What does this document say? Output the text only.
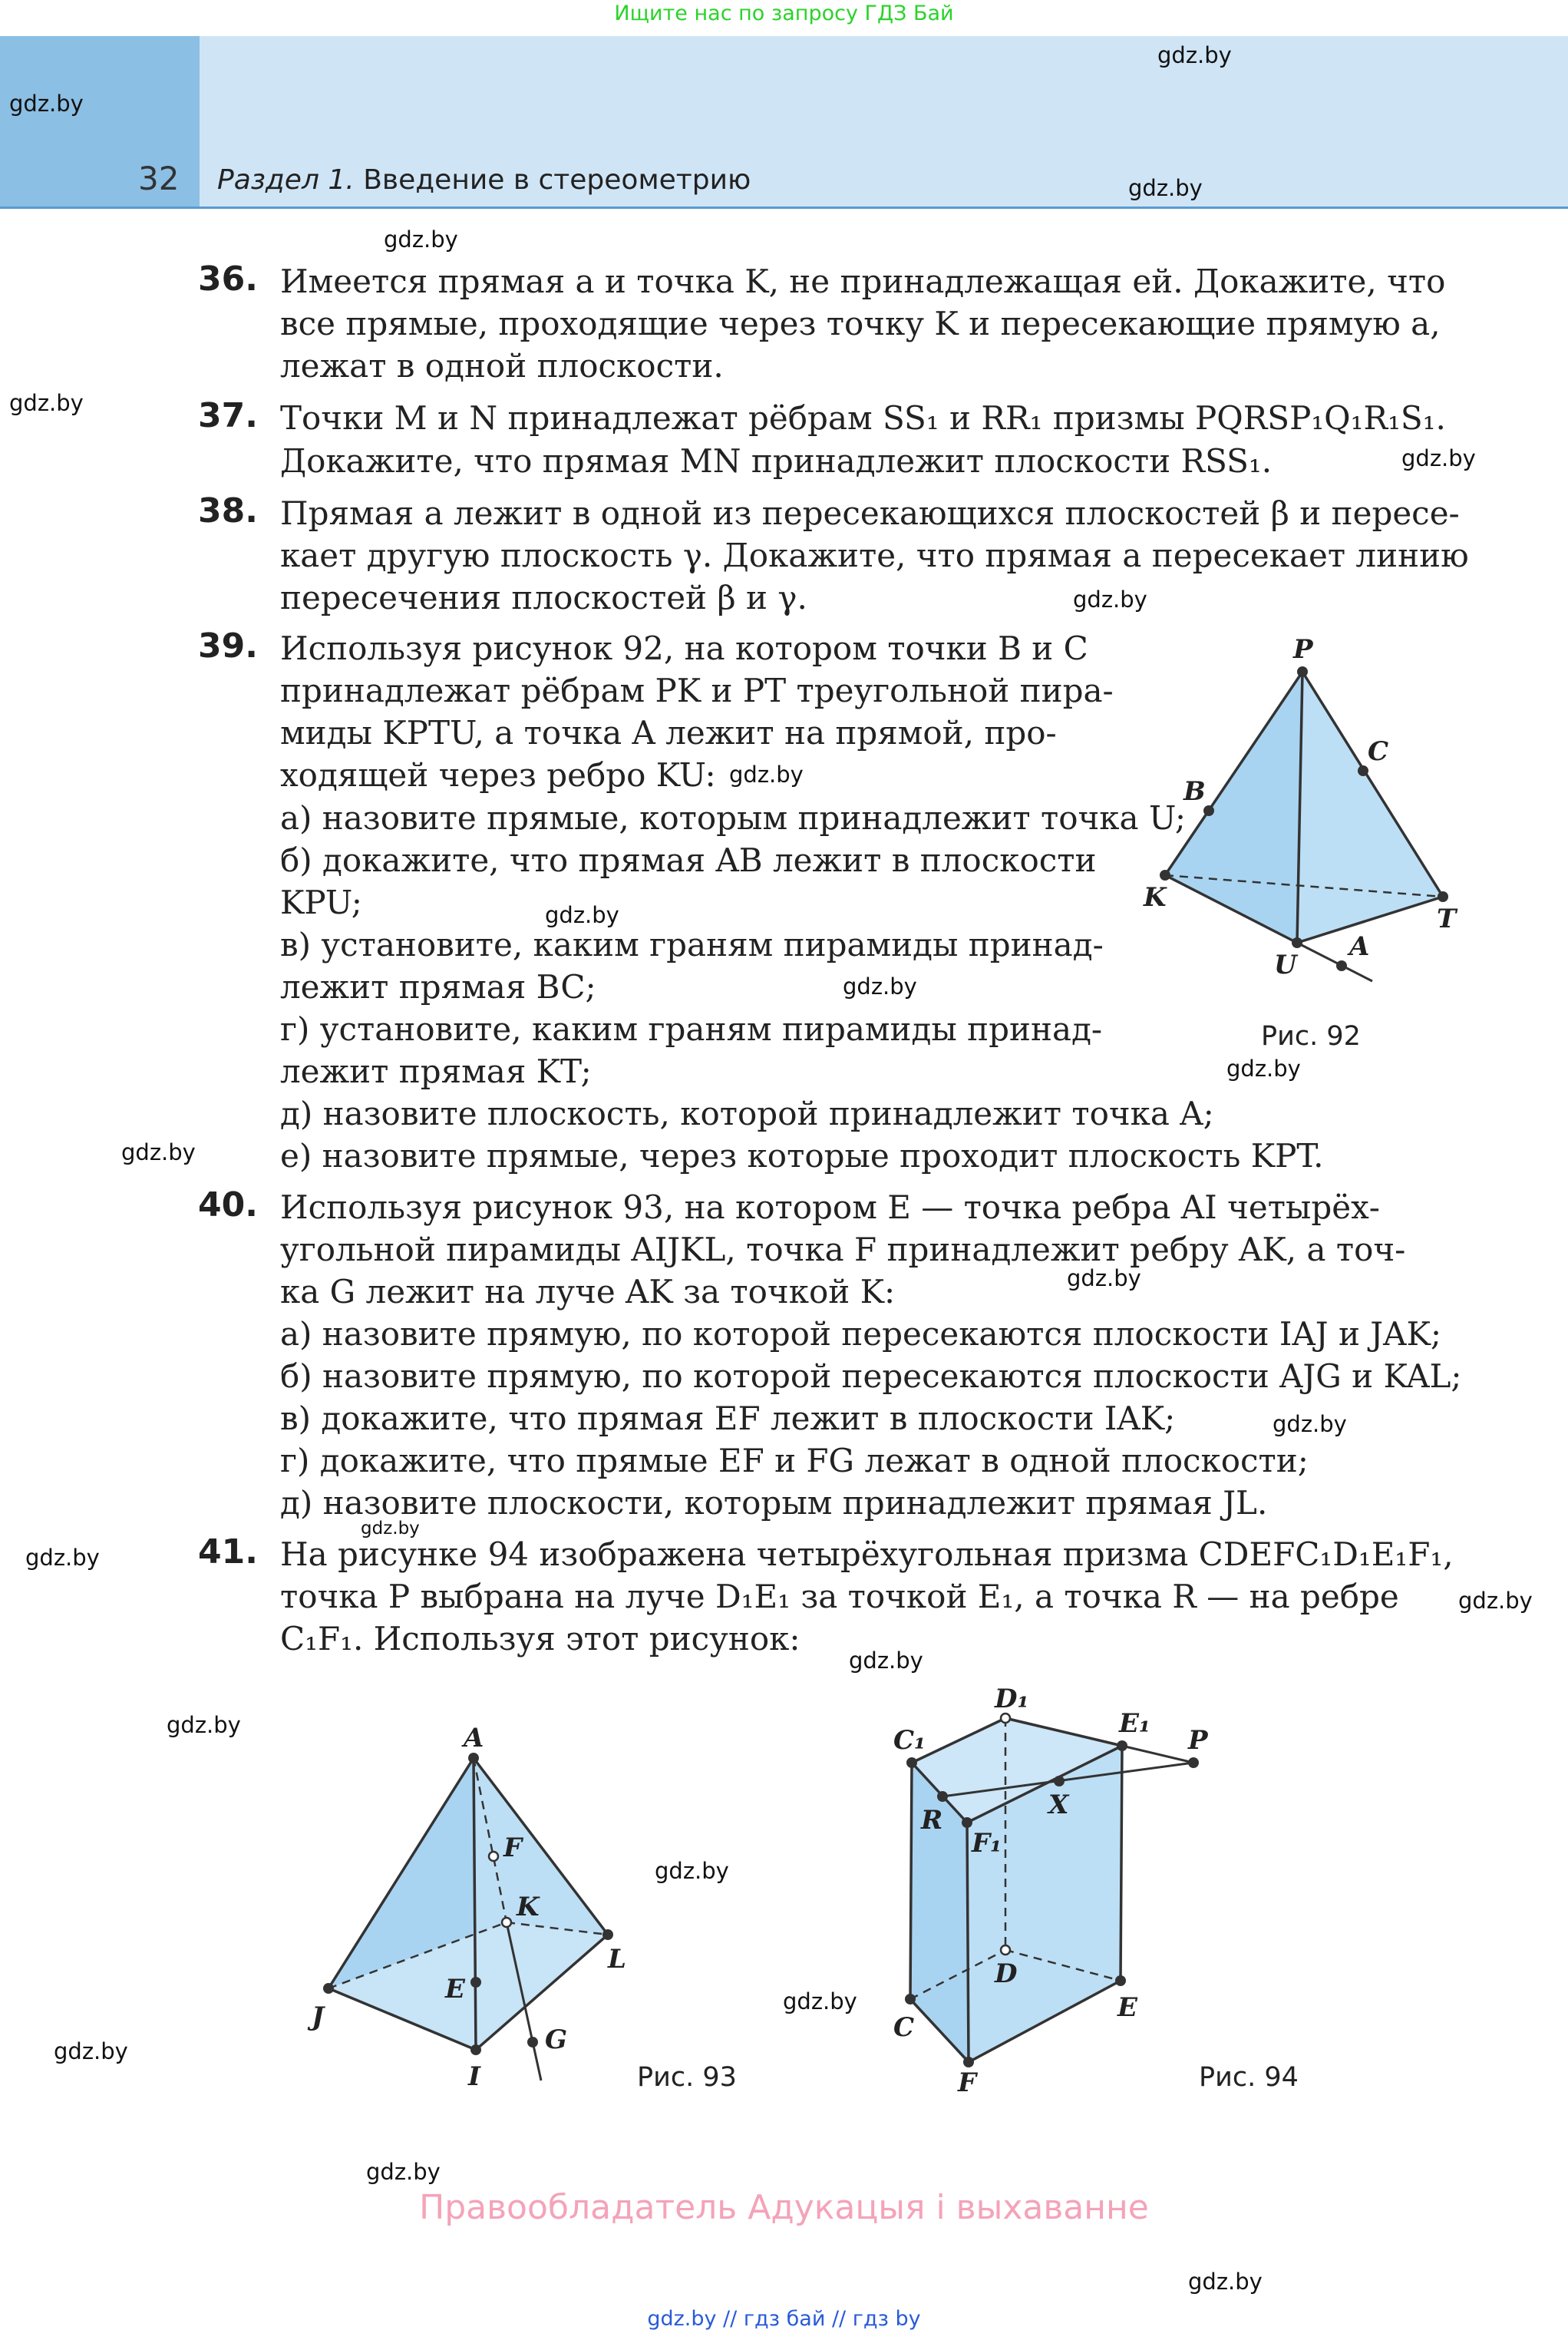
Ищите нас по запросу ГДЗ Бай
32 Раздел 1. Введение в стереометрию
gdz.by
gdz.by
gdz.by
gdz.by
gdz.by
gdz.by
gdz.by
gdz.by
gdz.by
gdz.by
gdz.by
gdz.by
gdz.by
gdz.by
gdz.by
gdz.by
gdz.by
gdz.by
gdz.by
gdz.by
gdz.by
gdz.by
gdz.by
gdz.by
36. Имеется прямая a и точка K, не принадлежащая ей. Докажите, что
все прямые, проходящие через точку K и пересекающие прямую a,
лежат в одной плоскости.
37. Точки M и N принадлежат рёбрам SS₁ и RR₁ призмы PQRSP₁Q₁R₁S₁.
Докажите, что прямая MN принадлежит плоскости RSS₁.
38. Прямая a лежит в одной из пересекающихся плоскостей β и пересе-
кает другую плоскость γ. Докажите, что прямая a пересекает линию
пересечения плоскостей β и γ.
39. Используя рисунок 92, на котором точки B и C
принадлежат рёбрам PK и PT треугольной пира-
миды KPTU, а точка A лежит на прямой, про-
ходящей через ребро KU:
а) назовите прямые, которым принадлежит точка U;
б) докажите, что прямая AB лежит в плоскости
KPU;
в) установите, каким граням пирамиды принад-
лежит прямая BC;
г) установите, каким граням пирамиды принад-
лежит прямая KT;
д) назовите плоскость, которой принадлежит точка A;
е) назовите прямые, через которые проходит плоскость KPT.
40. Используя рисунок 93, на котором E — точка ребра AI четырёх-
угольной пирамиды AIJKL, точка F принадлежит ребру AK, а точ-
ка G лежит на луче AK за точкой K:
а) назовите прямую, по которой пересекаются плоскости IAJ и JAK;
б) назовите прямую, по которой пересекаются плоскости AJG и KAL;
в) докажите, что прямая EF лежит в плоскости IAK;
г) докажите, что прямые EF и FG лежат в одной плоскости;
д) назовите плоскости, которым принадлежит прямая JL.
41. На рисунке 94 изображена четырёхугольная призма CDEFC₁D₁E₁F₁,
точка P выбрана на луче D₁E₁ за точкой E₁, а точка R — на ребре
C₁F₁. Используя этот рисунок:
P
C
B
K
T
U
A
Рис. 92
A
F
K
L
E
J
G
I	Рис. 93
D₁
C₁
E₁
P
R	X
F₁
D
C
E
F	Рис. 94
Правообладатель Адукацыя і выхаванне
gdz.by // гдз бай // гдз by
